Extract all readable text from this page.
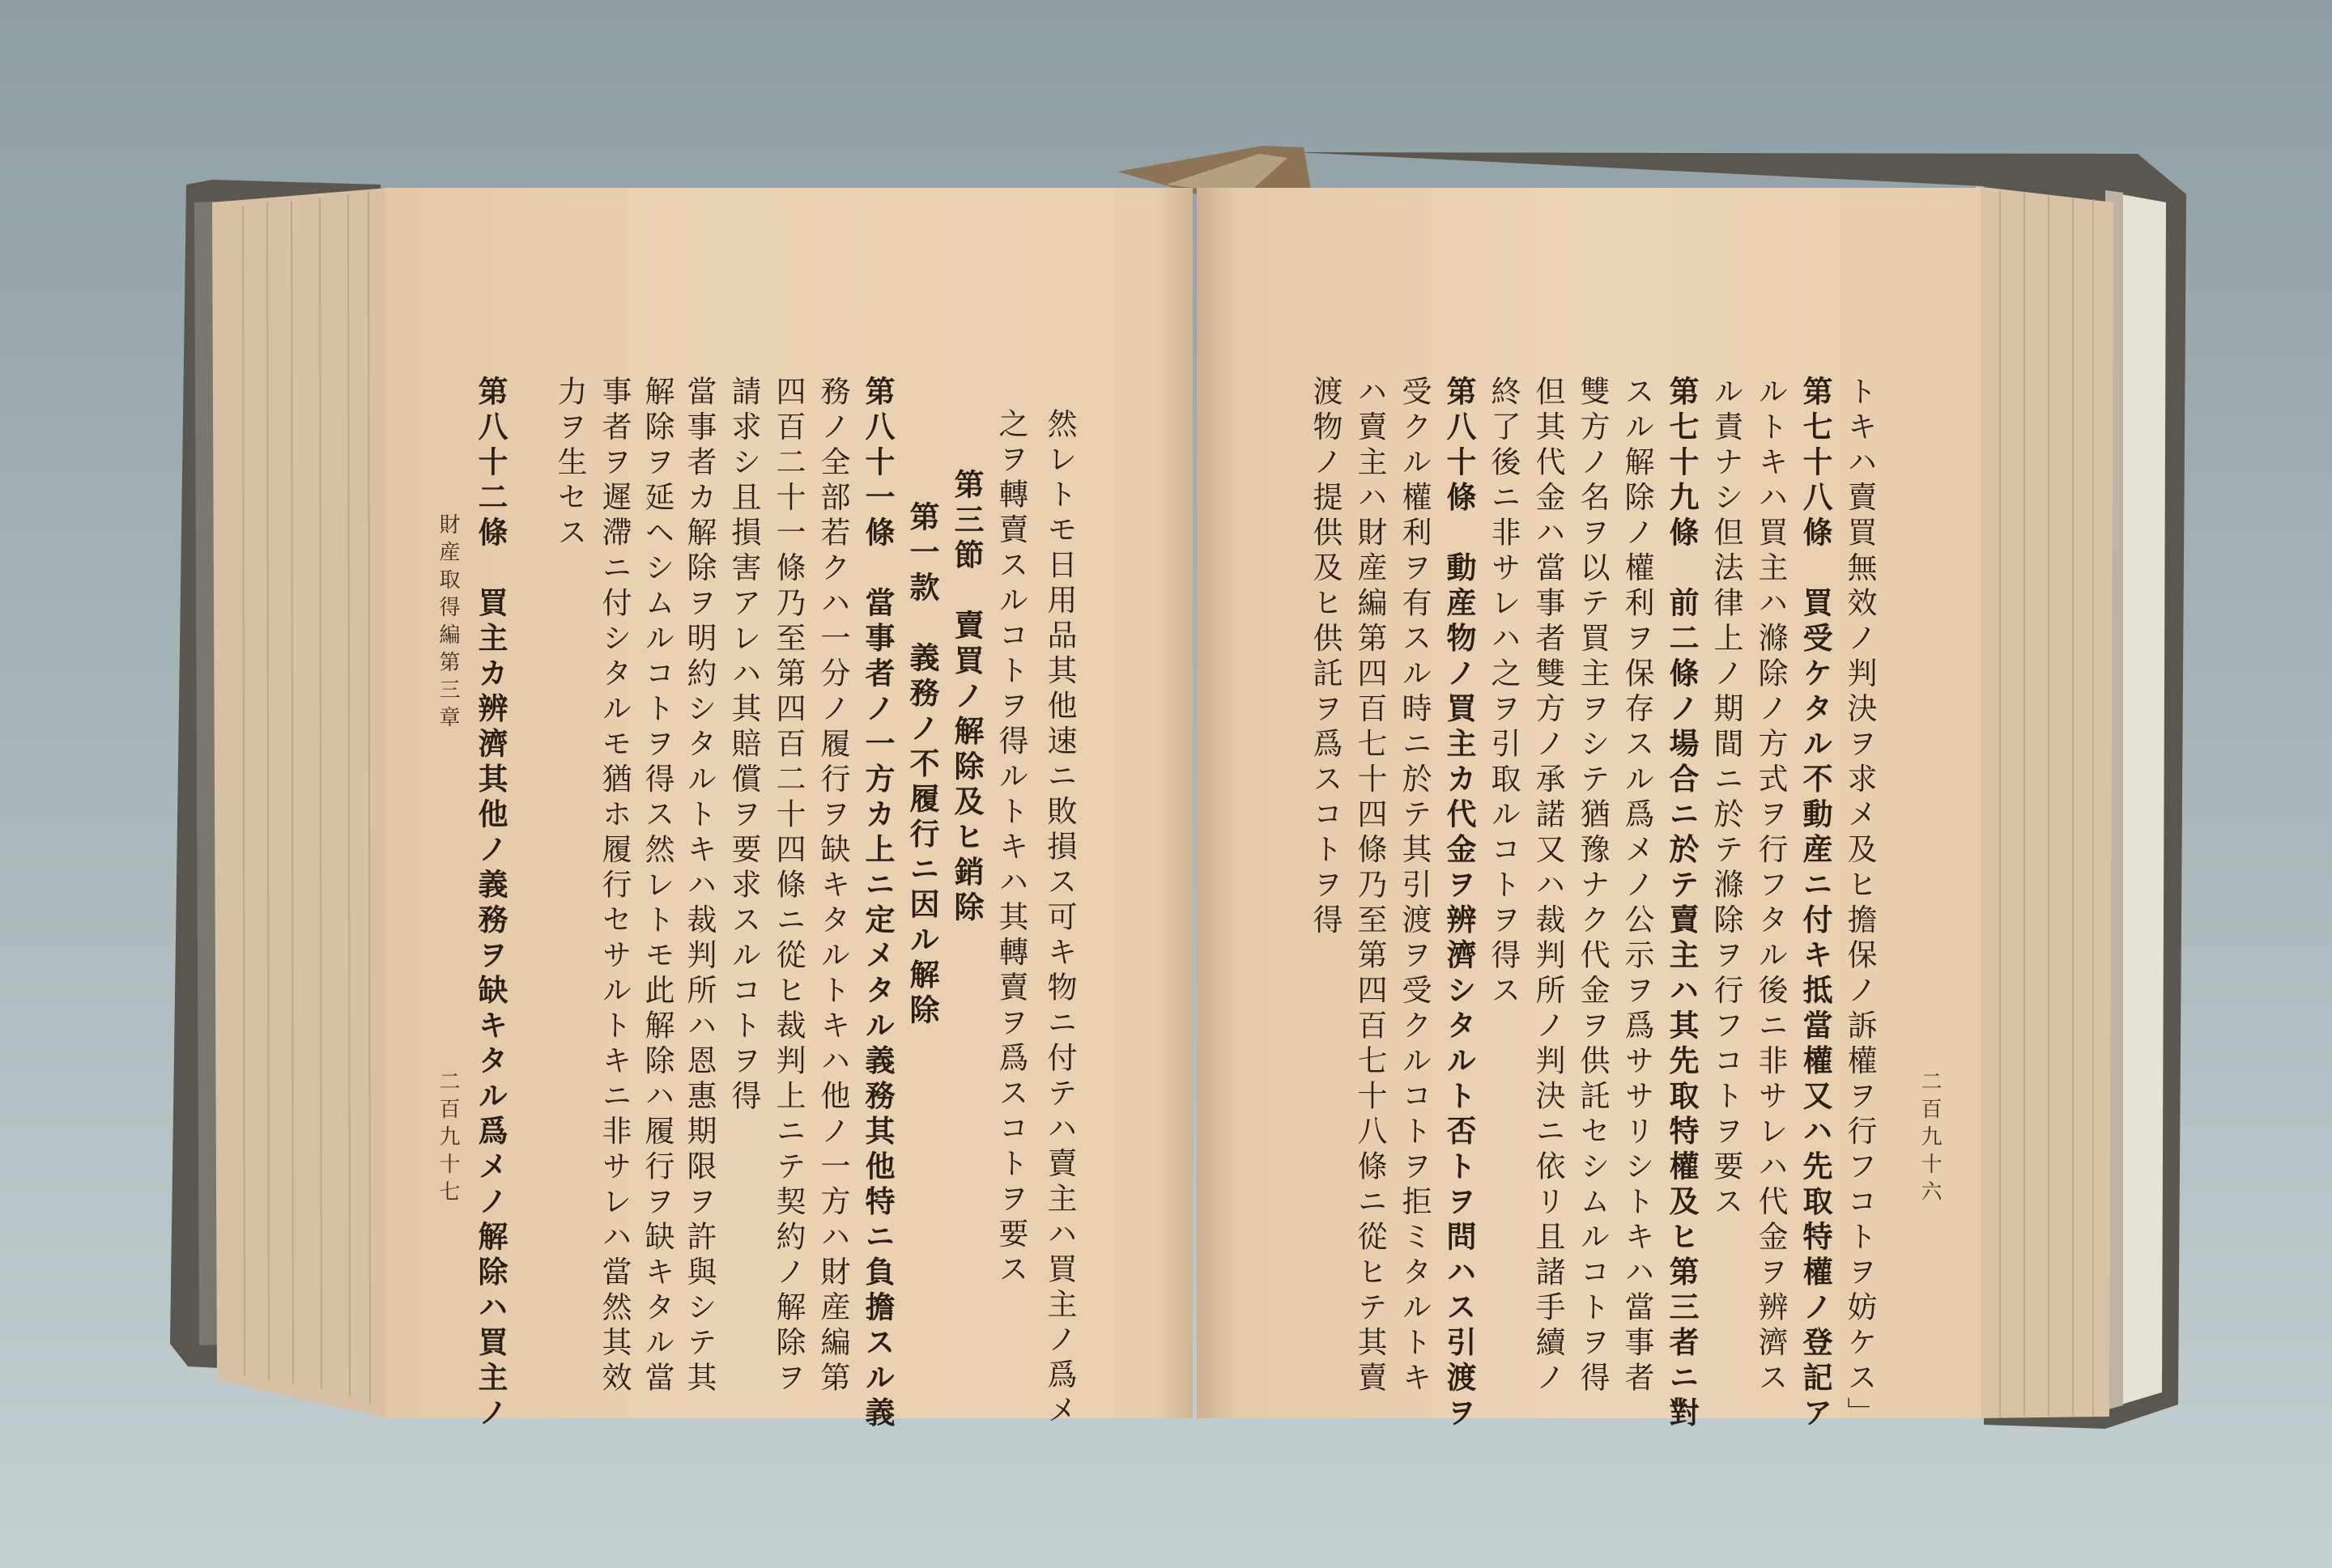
然レトモ日用品其他速ニ敗損ス可キ物ニ付テハ賣主ハ買主ノ爲メ
之ヲ轉賣スルコトヲ得ルトキハ其轉賣ヲ爲スコトヲ要ス
第三節　賣買ノ解除及ヒ銷除
第一款　義務ノ不履行ニ因ル解除
第八十一條　當事者ノ一方カ上ニ定メタル義務其他特ニ負擔スル義
務ノ全部若クハ一分ノ履行ヲ缺キタルトキハ他ノ一方ハ財産編第
四百二十一條乃至第四百二十四條ニ從ヒ裁判上ニテ契約ノ解除ヲ
請求シ且損害アレハ其賠償ヲ要求スルコトヲ得
當事者カ解除ヲ明約シタルトキハ裁判所ハ恩惠期限ヲ許與シテ其
解除ヲ延ヘシムルコトヲ得ス然レトモ此解除ハ履行ヲ缺キタル當
事者ヲ遲滯ニ付シタルモ猶ホ履行セサルトキニ非サレハ當然其效
力ヲ生セス
第八十二條　買主カ辨濟其他ノ義務ヲ缺キタル爲メノ解除ハ買主ノ
財産取得編第三章
二百九十七	二百九十六
トキハ賣買無效ノ判決ヲ求メ及ヒ擔保ノ訴權ヲ行フコトヲ妨ケス」
第七十八條　買受ケタル不動産ニ付キ抵當權又ハ先取特權ノ登記ア
ルトキハ買主ハ滌除ノ方式ヲ行フタル後ニ非サレハ代金ヲ辨濟ス
ル責ナシ但法律上ノ期間ニ於テ滌除ヲ行フコトヲ要ス
第七十九條　前二條ノ場合ニ於テ賣主ハ其先取特權及ヒ第三者ニ對
スル解除ノ權利ヲ保存スル爲メノ公示ヲ爲ササリシトキハ當事者
雙方ノ名ヲ以テ買主ヲシテ猶豫ナク代金ヲ供託セシムルコトヲ得
但其代金ハ當事者雙方ノ承諾又ハ裁判所ノ判決ニ依リ且諸手續ノ
終了後ニ非サレハ之ヲ引取ルコトヲ得ス
第八十條　動産物ノ買主カ代金ヲ辨濟シタルト否トヲ問ハス引渡ヲ
受クル權利ヲ有スル時ニ於テ其引渡ヲ受クルコトヲ拒ミタルトキ
ハ賣主ハ財産編第四百七十四條乃至第四百七十八條ニ從ヒテ其賣
渡物ノ提供及ヒ供託ヲ爲スコトヲ得
